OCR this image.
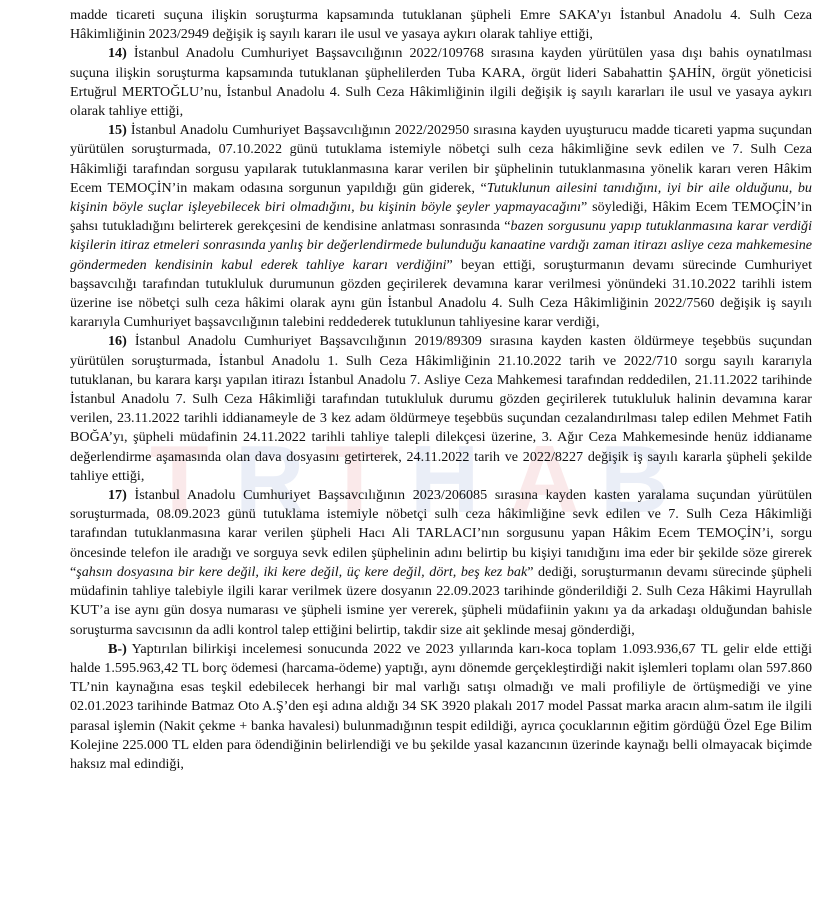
T R T H A B

madde ticareti suçuna ilişkin soruşturma kapsamında tutuklanan şüpheli Emre SAKA’yı İstanbul Anadolu 4. Sulh Ceza Hâkimliğinin 2023/2949 değişik iş sayılı kararı ile usul ve yasaya aykırı olarak tahliye ettiği,

14) İstanbul Anadolu Cumhuriyet Başsavcılığının 2022/109768 sırasına kayden yürütülen yasa dışı bahis oynatılması suçuna ilişkin soruşturma kapsamında tutuklanan şüphelilerden Tuba KARA, örgüt lideri Sabahattin ŞAHİN, örgüt yöneticisi Ertuğrul MERTOĞLU’nu, İstanbul Anadolu 4. Sulh Ceza Hâkimliğinin ilgili değişik iş sayılı kararları ile usul ve yasaya aykırı olarak tahliye ettiği,

15) İstanbul Anadolu Cumhuriyet Başsavcılığının 2022/202950 sırasına kayden uyuşturucu madde ticareti yapma suçundan yürütülen soruşturmada, 07.10.2022 günü tutuklama istemiyle nöbetçi sulh ceza hâkimliğine sevk edilen ve 7. Sulh Ceza Hâkimliği tarafından sorgusu yapılarak tutuklanmasına karar verilen bir şüphelinin tutuklanmasına yönelik kararı veren Hâkim Ecem TEMOÇİN’in makam odasına sorgunun yapıldığı gün giderek, “Tutuklunun ailesini tanıdığını, iyi bir aile olduğunu, bu kişinin böyle suçlar işleyebilecek biri olmadığını, bu kişinin böyle şeyler yapmayacağını” söylediği, Hâkim Ecem TEMOÇİN’in şahsı tutukladığını belirterek gerekçesini de kendisine anlatması sonrasında “bazen sorgusunu yapıp tutuklanmasına karar verdiği kişilerin itiraz etmeleri sonrasında yanlış bir değerlendirmede bulunduğu kanaatine vardığı zaman itirazı asliye ceza mahkemesine göndermeden kendisinin kabul ederek tahliye kararı verdiğini” beyan ettiği, soruşturmanın devamı sürecinde Cumhuriyet başsavcılığı tarafından tutukluluk durumunun gözden geçirilerek devamına karar verilmesi yönündeki 31.10.2022 tarihli istem üzerine ise nöbetçi sulh ceza hâkimi olarak aynı gün İstanbul Anadolu 4. Sulh Ceza Hâkimliğinin 2022/7560 değişik iş sayılı kararıyla Cumhuriyet başsavcılığının talebini reddederek tutuklunun tahliyesine karar verdiği,

16) İstanbul Anadolu Cumhuriyet Başsavcılığının 2019/89309 sırasına kayden kasten öldürmeye teşebbüs suçundan yürütülen soruşturmada, İstanbul Anadolu 1. Sulh Ceza Hâkimliğinin 21.10.2022 tarih ve 2022/710 sorgu sayılı kararıyla tutuklanan, bu karara karşı yapılan itirazı İstanbul Anadolu 7. Asliye Ceza Mahkemesi tarafından reddedilen, 21.11.2022 tarihinde İstanbul Anadolu 7. Sulh Ceza Hâkimliği tarafından tutukluluk durumu gözden geçirilerek tutukluluk halinin devamına karar verilen, 23.11.2022 tarihli iddianameyle de 3 kez adam öldürmeye teşebbüs suçundan cezalandırılması talep edilen Mehmet Fatih BOĞA’yı, şüpheli müdafinin 24.11.2022 tarihli tahliye talepli dilekçesi üzerine, 3. Ağır Ceza Mahkemesinde henüz iddianame değerlendirme aşamasında olan dava dosyasını getirterek, 24.11.2022 tarih ve 2022/8227 değişik iş sayılı kararla şüpheli şekilde tahliye ettiği,

17) İstanbul Anadolu Cumhuriyet Başsavcılığının 2023/206085 sırasına kayden kasten yaralama suçundan yürütülen soruşturmada, 08.09.2023 günü tutuklama istemiyle nöbetçi sulh ceza hâkimliğine sevk edilen ve 7. Sulh Ceza Hâkimliği tarafından tutuklanmasına karar verilen şüpheli Hacı Ali TARLACI’nın sorgusunu yapan Hâkim Ecem TEMOÇİN’i, sorgu öncesinde telefon ile aradığı ve sorguya sevk edilen şüphelinin adını belirtip bu kişiyi tanıdığını ima eder bir şekilde söze girerek “şahsın dosyasına bir kere değil, iki kere değil, üç kere değil, dört, beş kez bak” dediği, soruşturmanın devamı sürecinde şüpheli müdafinin tahliye talebiyle ilgili karar verilmek üzere dosyanın 22.09.2023 tarihinde gönderildiği 2. Sulh Ceza Hâkimi Hayrullah KUT’a ise aynı gün dosya numarası ve şüpheli ismine yer vererek, şüpheli müdafiinin yakını ya da arkadaşı olduğundan bahisle soruşturma savcısının da adli kontrol talep ettiğini belirtip, takdir size ait şeklinde mesaj gönderdiği,

B-) Yaptırılan bilirkişi incelemesi sonucunda 2022 ve 2023 yıllarında karı-koca toplam 1.093.936,67 TL gelir elde ettiği halde 1.595.963,42 TL borç ödemesi (harcama-ödeme) yaptığı, aynı dönemde gerçekleştirdiği nakit işlemleri toplamı olan 597.860 TL’nin kaynağına esas teşkil edebilecek herhangi bir mal varlığı satışı olmadığı ve mali profiliyle de örtüşmediği ve yine 02.01.2023 tarihinde Batmaz Oto A.Ş’den eşi adına aldığı 34 SK 3920 plakalı 2017 model Passat marka aracın alım-satım ile ilgili parasal işlemin (Nakit çekme + banka havalesi) bulunmadığının tespit edildiği, ayrıca çocuklarının eğitim gördüğü Özel Ege Bilim Kolejine 225.000 TL elden para ödendiğinin belirlendiği ve bu şekilde yasal kazancının üzerinde kaynağı belli olmayacak biçimde haksız mal edindiği,
